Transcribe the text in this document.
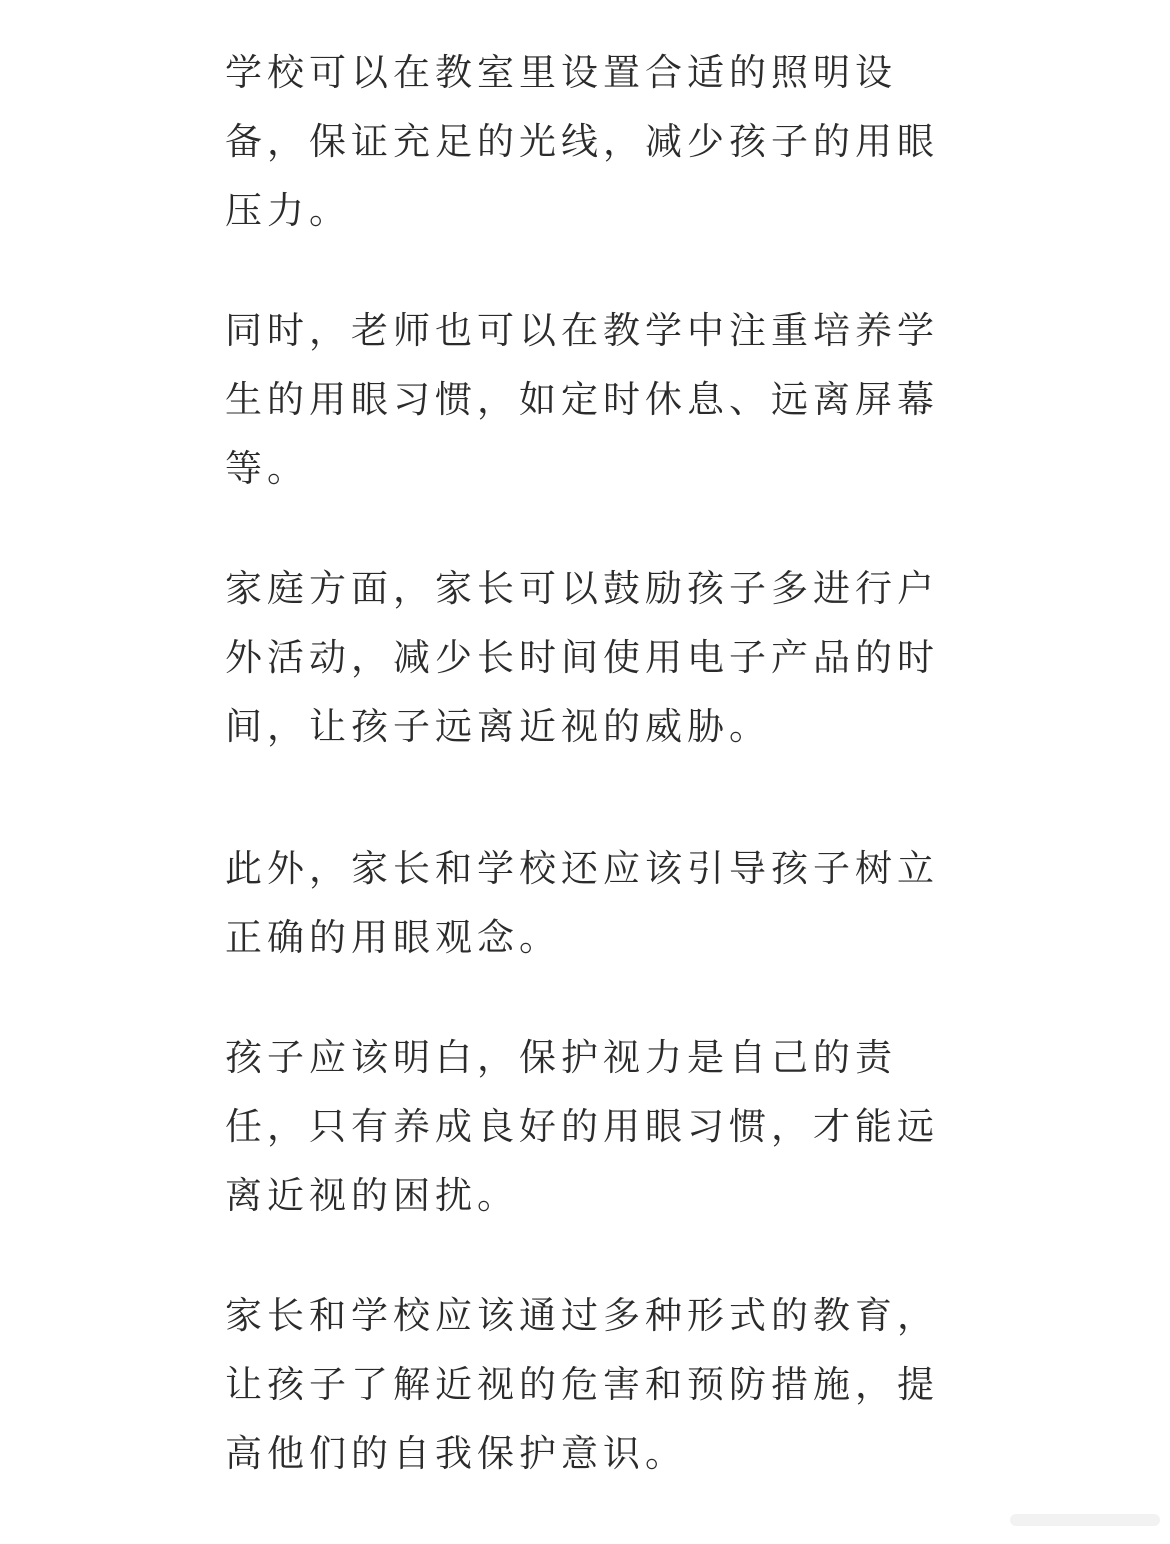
学校可以在教室里设置合适的照明设备，保证充足的光线，减少孩子的用眼压力。

同时，老师也可以在教学中注重培养学生的用眼习惯，如定时休息、远离屏幕等。

家庭方面，家长可以鼓励孩子多进行户外活动，减少长时间使用电子产品的时间，让孩子远离近视的威胁。

此外，家长和学校还应该引导孩子树立正确的用眼观念。

孩子应该明白，保护视力是自己的责任，只有养成良好的用眼习惯，才能远离近视的困扰。

家长和学校应该通过多种形式的教育，让孩子了解近视的危害和预防措施，提高他们的自我保护意识。
